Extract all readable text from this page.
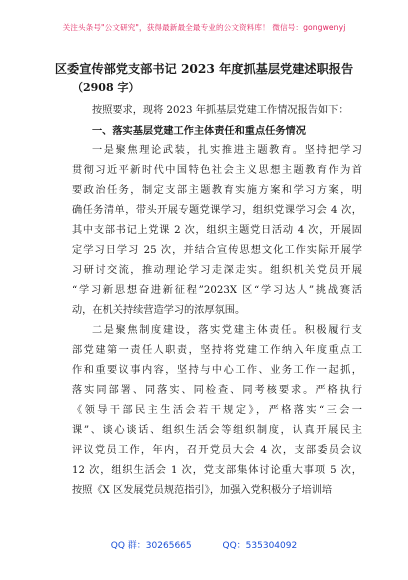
关注头条号"公文研究"，获得最新最全最专业的公文资料库！ 微信号：gongwenyj
区委宣传部党支部书记 2023 年度抓基层党建述职报告
（2908 字）

按照要求，现将 2023 年抓基层党建工作情况报告如下：

一、落实基层党建工作主体责任和重点任务情况

一是聚焦理论武装，扎实推进主题教育。坚持把学习

贯彻习近平新时代中国特色社会主义思想主题教育作为首

要政治任务，制定支部主题教育实施方案和学习方案，明

确任务清单，带头开展专题党课学习，组织党课学习会 4 次，

其中支部书记上党课 2 次，组织主题党日活动 4 次，开展固

定学习日学习 25 次，并结合宣传思想文化工作实际开展学

习研讨交流，推动理论学习走深走实。组织机关党员开展

“学习新思想奋进新征程”2023X 区“学习达人”挑战赛活

动，在机关持续营造学习的浓厚氛围。

二是聚焦制度建设，落实党建主体责任。积极履行支

部党建第一责任人职责，坚持将党建工作纳入年度重点工

作和重要议事内容，坚持与中心工作、业务工作一起抓，

落实同部署、同落实、同检查、同考核要求。严格执行

《领导干部民主生活会若干规定》，严格落实“三会一

课”、谈心谈话、组织生活会等组织制度，认真开展民主

评议党员工作，年内，召开党员大会 4 次，支部委员会议

12 次，组织生活会 1 次，党支部集体讨论重大事项 5 次，

按照《X 区发展党员规范指引》，加强入党积极分子培训培

QQ 群：30265665	QQ：535304092
